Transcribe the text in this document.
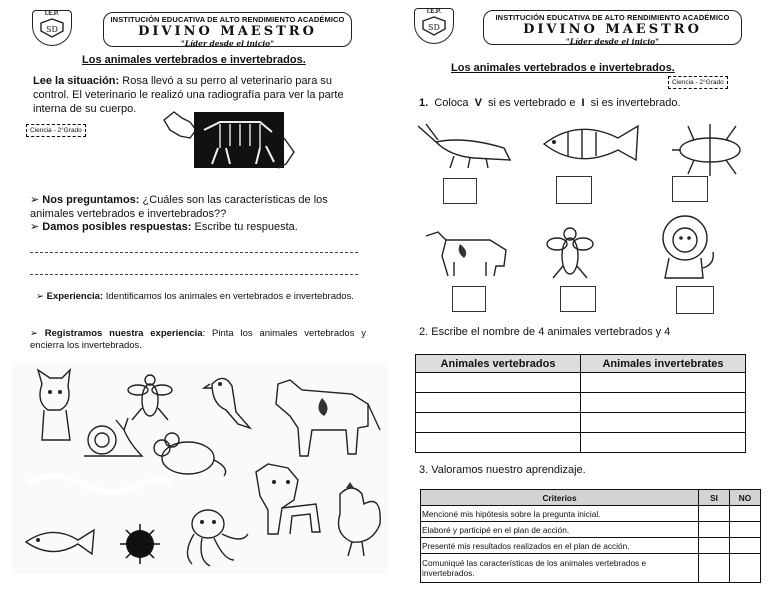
I.E.P.
SD
INSTITUCIÓN EDUCATIVA DE ALTO RENDIMIENTO ACADÉMICO
DIVINO MAESTRO
"Líder desde el inicio"
Los animales vertebrados e invertebrados.
Lee la situación: Rosa llevó a su perro al veterinario para su control. El veterinario le realizó una radiografía para ver la parte interna de su cuerpo.
Ciencia - 2°Grado
➢ Nos preguntamos: ¿Cuáles son las características de los animales vertebrados e invertebrados??
➢ Damos posibles respuestas: Escribe tu respuesta.
➢ Experiencia: Identificamos los animales en vertebrados e invertebrados.
➢ Registramos nuestra experiencia: Pinta los animales vertebrados y encierra los invertebrados.
I.E.P.
SD
INSTITUCIÓN EDUCATIVA DE ALTO RENDIMIENTO ACADÉMICO
DIVINO MAESTRO
"Líder desde el inicio"
Los animales vertebrados e invertebrados.
Ciencia - 2°Grado
1. Coloca V si es vertebrado e I si es invertebrado.
2. Escribe el nombre de 4 animales vertebrados y 4
Animales vertebrados	Animales invertebrates

3. Valoramos nuestro aprendizaje.
Criterios	SI	NO
Mencioné mis hipótesis sobre la pregunta inicial.		
Elaboré y participé en el plan de acción.		
Presenté mis resultados realizados en el plan de acción.		
Comuniqué las características de los animales vertebrados e invertebrados.		
